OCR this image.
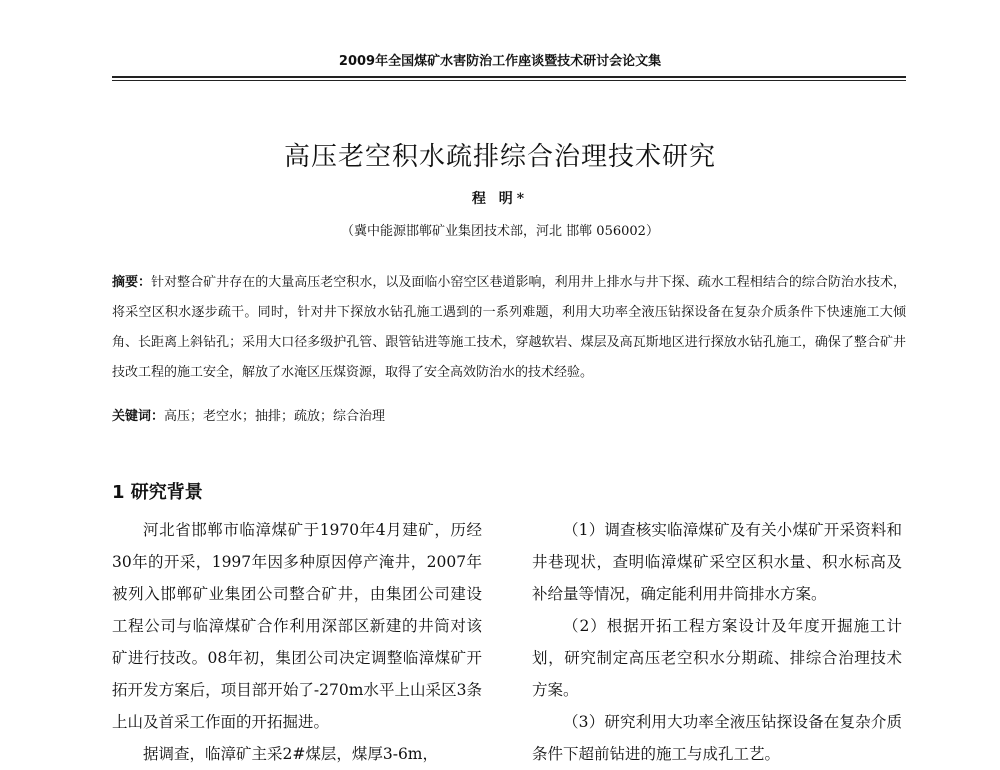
2009年全国煤矿水害防治工作座谈暨技术研讨会论文集
高压老空积水疏排综合治理技术研究
程 明*
（冀中能源邯郸矿业集团技术部，河北 邯郸 056002）
摘要：针对整合矿井存在的大量高压老空积水，以及面临小窑空区巷道影响，利用井上排水与井下探、疏水工程相结合的综合防治水技术，将采空区积水逐步疏干。同时，针对井下探放水钻孔施工遇到的一系列难题，利用大功率全液压钻探设备在复杂介质条件下快速施工大倾角、长距离上斜钻孔；采用大口径多级护孔管、跟管钻进等施工技术，穿越软岩、煤层及高瓦斯地区进行探放水钻孔施工，确保了整合矿井技改工程的施工安全，解放了水淹区压煤资源，取得了安全高效防治水的技术经验。
关键词：高压；老空水；抽排；疏放；综合治理
1 研究背景

河北省邯郸市临漳煤矿于1970年4月建矿，历经30年的开采，1997年因多种原因停产淹井，2007年被列入邯郸矿业集团公司整合矿井，由集团公司建设工程公司与临漳煤矿合作利用深部区新建的井筒对该矿进行技改。08年初，集团公司决定调整临漳煤矿开拓开发方案后，项目部开始了-270m水平上山采区3条上山及首采工作面的开拓掘进。

据调查，临漳矿主采2#煤层，煤厚3-6m，

（1）调查核实临漳煤矿及有关小煤矿开采资料和井巷现状，查明临漳煤矿采空区积水量、积水标高及补给量等情况，确定能利用井筒排水方案。

（2）根据开拓工程方案设计及年度开掘施工计划，研究制定高压老空积水分期疏、排综合治理技术方案。

（3）研究利用大功率全液压钻探设备在复杂介质条件下超前钻进的施工与成孔工艺。
